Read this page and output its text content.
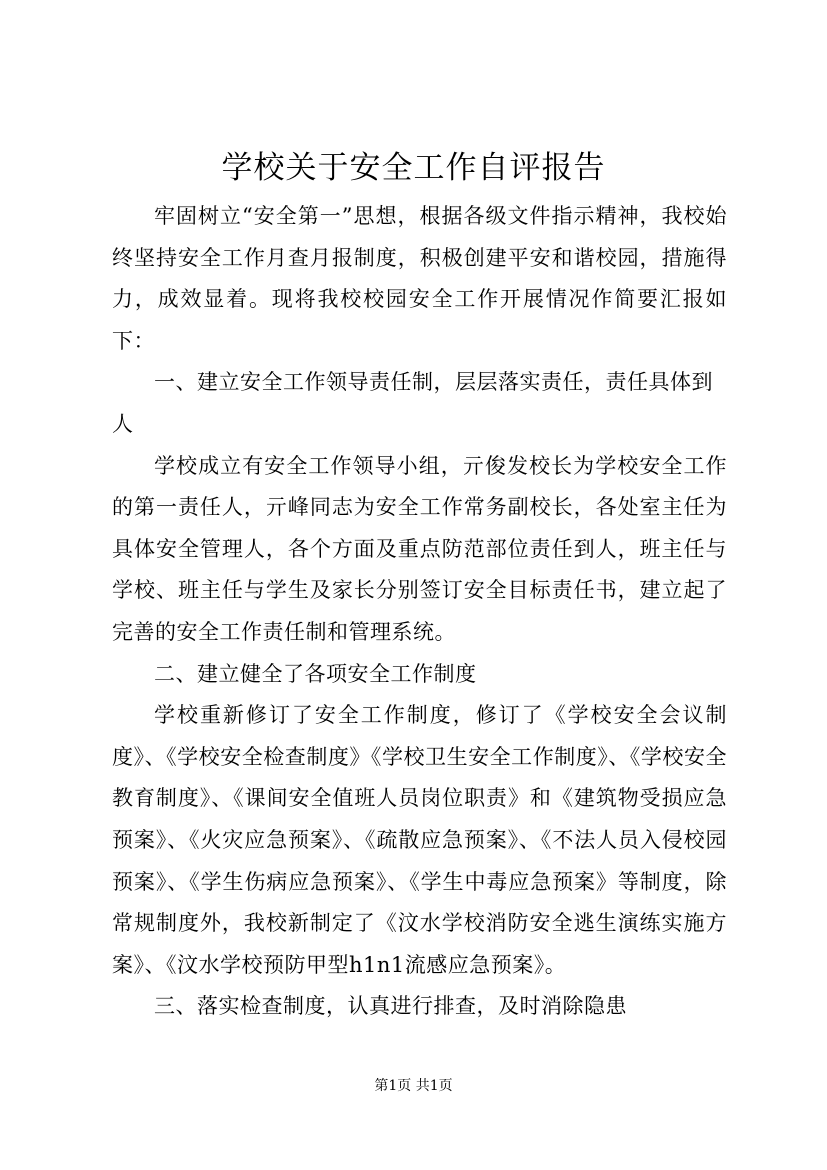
学校关于安全工作自评报告

牢固树立“安全第一”思想，根据各级文件指示精神，我校始终坚持安全工作月查月报制度，积极创建平安和谐校园，措施得力，成效显着。现将我校校园安全工作开展情况作简要汇报如下：

一、建立安全工作领导责任制，层层落实责任，责任具体到人

学校成立有安全工作领导小组，亓俊发校长为学校安全工作的第一责任人，亓峰同志为安全工作常务副校长，各处室主任为具体安全管理人，各个方面及重点防范部位责任到人，班主任与学校、班主任与学生及家长分别签订安全目标责任书，建立起了完善的安全工作责任制和管理系统。

二、建立健全了各项安全工作制度

学校重新修订了安全工作制度，修订了《学校安全会议制度》、《学校安全检查制度》《学校卫生安全工作制度》、《学校安全教育制度》、《课间安全值班人员岗位职责》和《建筑物受损应急预案》、《火灾应急预案》、《疏散应急预案》、《不法人员入侵校园预案》、《学生伤病应急预案》、《学生中毒应急预案》等制度，除常规制度外，我校新制定了《汶水学校消防安全逃生演练实施方案》、《汶水学校预防甲型h1n1流感应急预案》。

三、落实检查制度，认真进行排查，及时消除隐患

第1页 共1页
